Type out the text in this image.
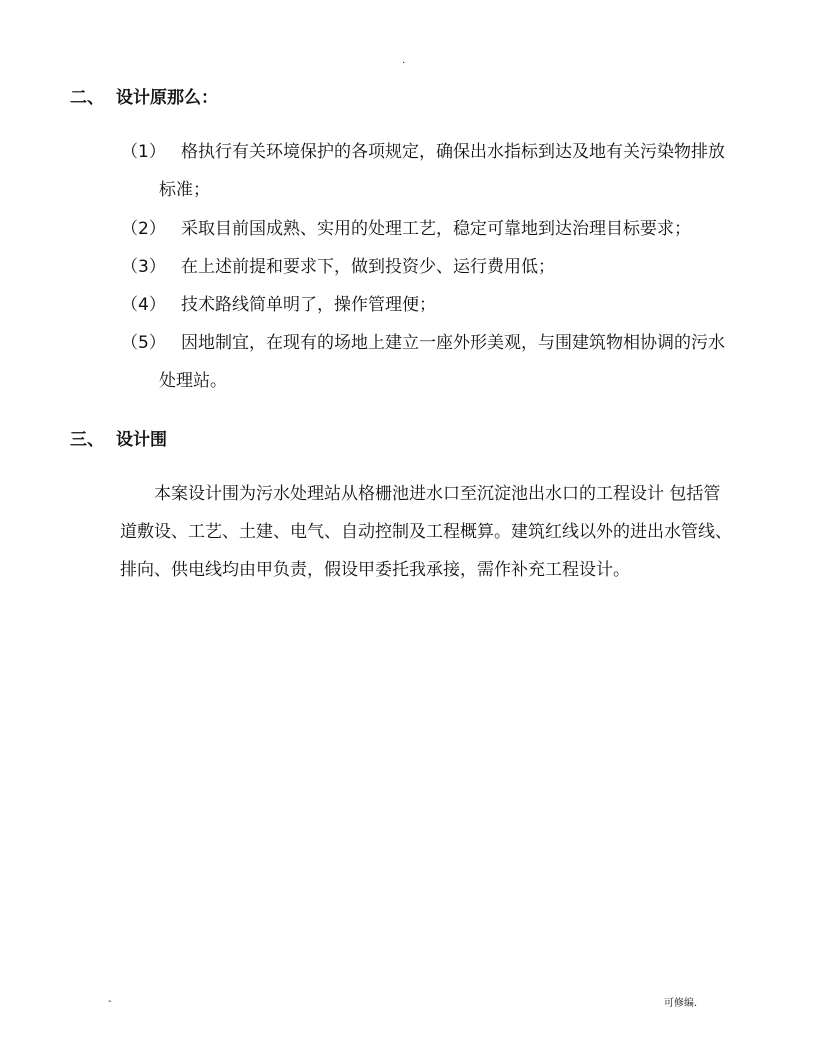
.
二、 设计原那么：
（1） 格执行有关环境保护的各项规定，确保出水指标到达及地有关污染物排放
标准；
（2） 采取目前国成熟、实用的处理工艺，稳定可靠地到达治理目标要求；
（3） 在上述前提和要求下，做到投资少、运行费用低；
（4） 技术路线简单明了，操作管理便；
（5） 因地制宜，在现有的场地上建立一座外形美观，与围建筑物相协调的污水
处理站。
三、 设计围
本案设计围为污水处理站从格栅池进水口至沉淀池出水口的工程设计 包括管
道敷设、工艺、土建、电气、自动控制及工程概算。建筑红线以外的进出水管线、
排向、供电线均由甲负责，假设甲委托我承接，需作补充工程设计。
-	可修编.
